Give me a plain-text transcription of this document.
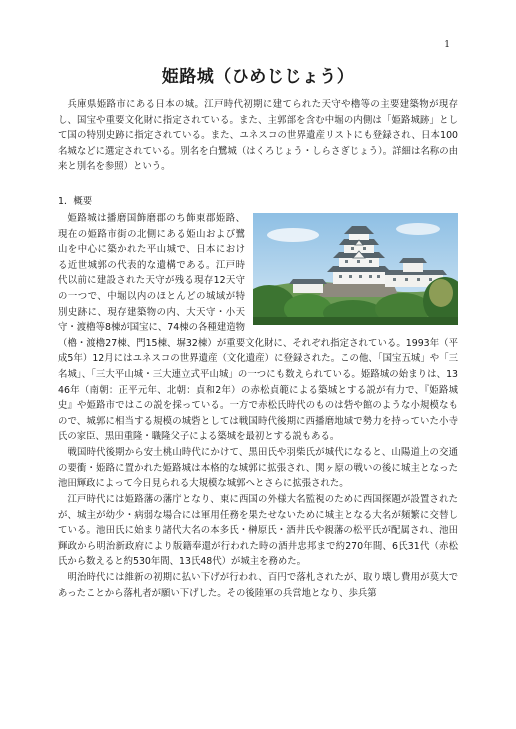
1
姫路城（ひめじじょう）

兵庫県姫路市にある日本の城。江戸時代初期に建てられた天守や櫓等の主要建築物が現存し、国宝や重要文化財に指定されている。また、主郭部を含む中堀の内側は「姫路城跡」として国の特別史跡に指定されている。また、ユネスコの世界遺産リストにも登録され、日本100名城などに選定されている。別名を白鷺城（はくろじょう・しらさぎじょう）。詳細は名称の由来と別名を参照）という。

1．概要

姫路城は播磨国飾磨郡のち飾東郡姫路、現在の姫路市街の北側にある姫山および鷺山を中心に築かれた平山城で、日本における近世城郭の代表的な遺構である。江戸時代以前に建設された天守が残る現存12天守の一つで、中堀以内のほとんどの城域が特別史跡に、現存建築物の内、大天守・小天守・渡櫓等8棟が国宝に、74棟の各種建造物（櫓・渡櫓27棟、門15棟、塀32棟）が重要文化財に、それぞれ指定されている。1993年（平成5年）12月にはユネスコの世界遺産（文化遺産）に登録された。この他、「国宝五城」や「三名城」、「三大平山城・三大連立式平山城」の一つにも数えられている。姫路城の始まりは、1346年（南朝：正平元年、北朝：貞和2年）の赤松貞範による築城とする説が有力で、『姫路城史』や姫路市ではこの説を採っている。一方で赤松氏時代のものは砦や館のような小規模なもので、城郭に相当する規模の城砦としては戦国時代後期に西播磨地域で勢力を持っていた小寺氏の家臣、黒田重隆・職隆父子による築城を最初とする説もある。

戦国時代後期から安土桃山時代にかけて、黒田氏や羽柴氏が城代になると、山陽道上の交通の要衝・姫路に置かれた姫路城は本格的な城郭に拡張され、関ヶ原の戦いの後に城主となった池田輝政によって今日見られる大規模な城郭へとさらに拡張された。

江戸時代には姫路藩の藩庁となり、東に西国の外様大名監視のために西国探題が設置されたが、城主が幼少・病弱な場合には軍用任務を果たせないために城主となる大名が頻繁に交替している。池田氏に始まり諸代大名の本多氏・榊原氏・酒井氏や親藩の松平氏が配属され、池田輝政から明治新政府により版籍奉還が行われた時の酒井忠邦まで約270年間、6氏31代（赤松氏から数えると約530年間、13氏48代）が城主を務めた。

明治時代には維新の初期に払い下げが行われ、百円で落札されたが、取り壊し費用が莫大であったことから落札者が願い下げした。その後陸軍の兵営地となり、歩兵第
